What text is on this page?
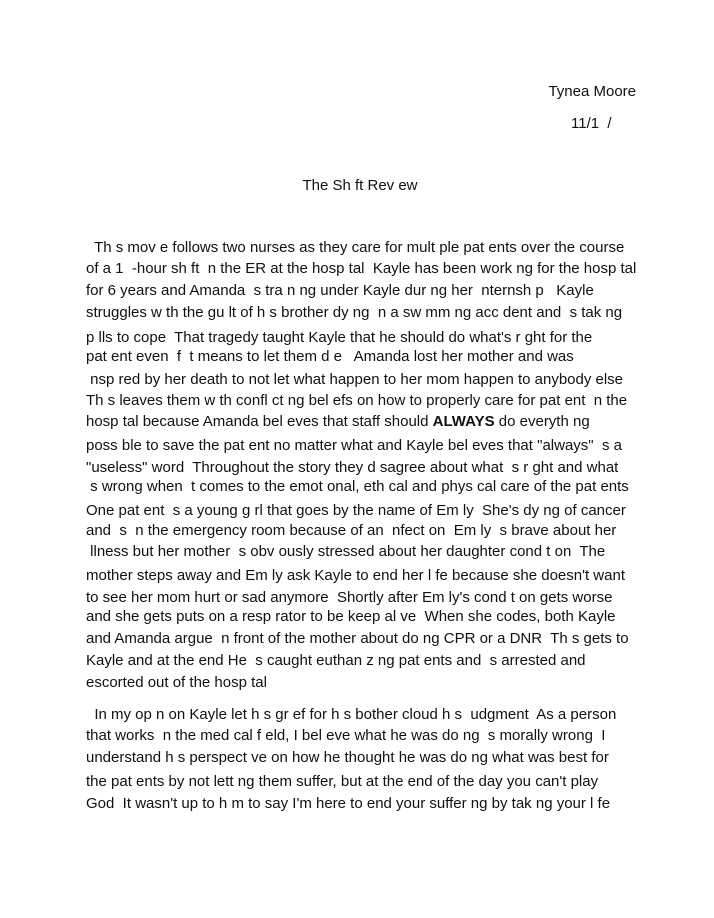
Tynea Moore
11/1  /
The Sh ft Rev ew
Th s mov e follows two nurses as they care for mult ple pat ents over the course
of a 1  -hour sh ft  n the ER at the hosp tal  Kayle has been work ng for the hosp tal
for 6 years and Amanda  s tra n ng under Kayle dur ng her  nternsh p   Kayle
struggles w th the gu lt of h s brother dy ng  n a sw mm ng acc dent and  s tak ng
p lls to cope  That tragedy taught Kayle that he should do what's r ght for the
pat ent even  f  t means to let them d e   Amanda lost her mother and was
nsp red by her death to not let what happen to her mom happen to anybody else
Th s leaves them w th confl ct ng bel efs on how to properly care for pat ent  n the
hosp tal because Amanda bel eves that staff should ALWAYS do everyth ng
poss ble to save the pat ent no matter what and Kayle bel eves that "always"  s a
"useless" word  Throughout the story they d sagree about what  s r ght and what
s wrong when  t comes to the emot onal, eth cal and phys cal care of the pat ents
One pat ent  s a young g rl that goes by the name of Em ly  She's dy ng of cancer
and  s  n the emergency room because of an  nfect on  Em ly  s brave about her
llness but her mother  s obv ously stressed about her daughter cond t on  The
mother steps away and Em ly ask Kayle to end her l fe because she doesn't want
to see her mom hurt or sad anymore  Shortly after Em ly's cond t on gets worse
and she gets puts on a resp rator to be keep al ve  When she codes, both Kayle
and Amanda argue  n front of the mother about do ng CPR or a DNR  Th s gets to
Kayle and at the end He  s caught euthan z ng pat ents and  s arrested and
escorted out of the hosp tal
In my op n on Kayle let h s gr ef for h s bother cloud h s  udgment  As a person
that works  n the med cal f eld, I bel eve what he was do ng  s morally wrong  I
understand h s perspect ve on how he thought he was do ng what was best for
the pat ents by not lett ng them suffer, but at the end of the day you can't play
God  It wasn't up to h m to say I'm here to end your suffer ng by tak ng your l fe
